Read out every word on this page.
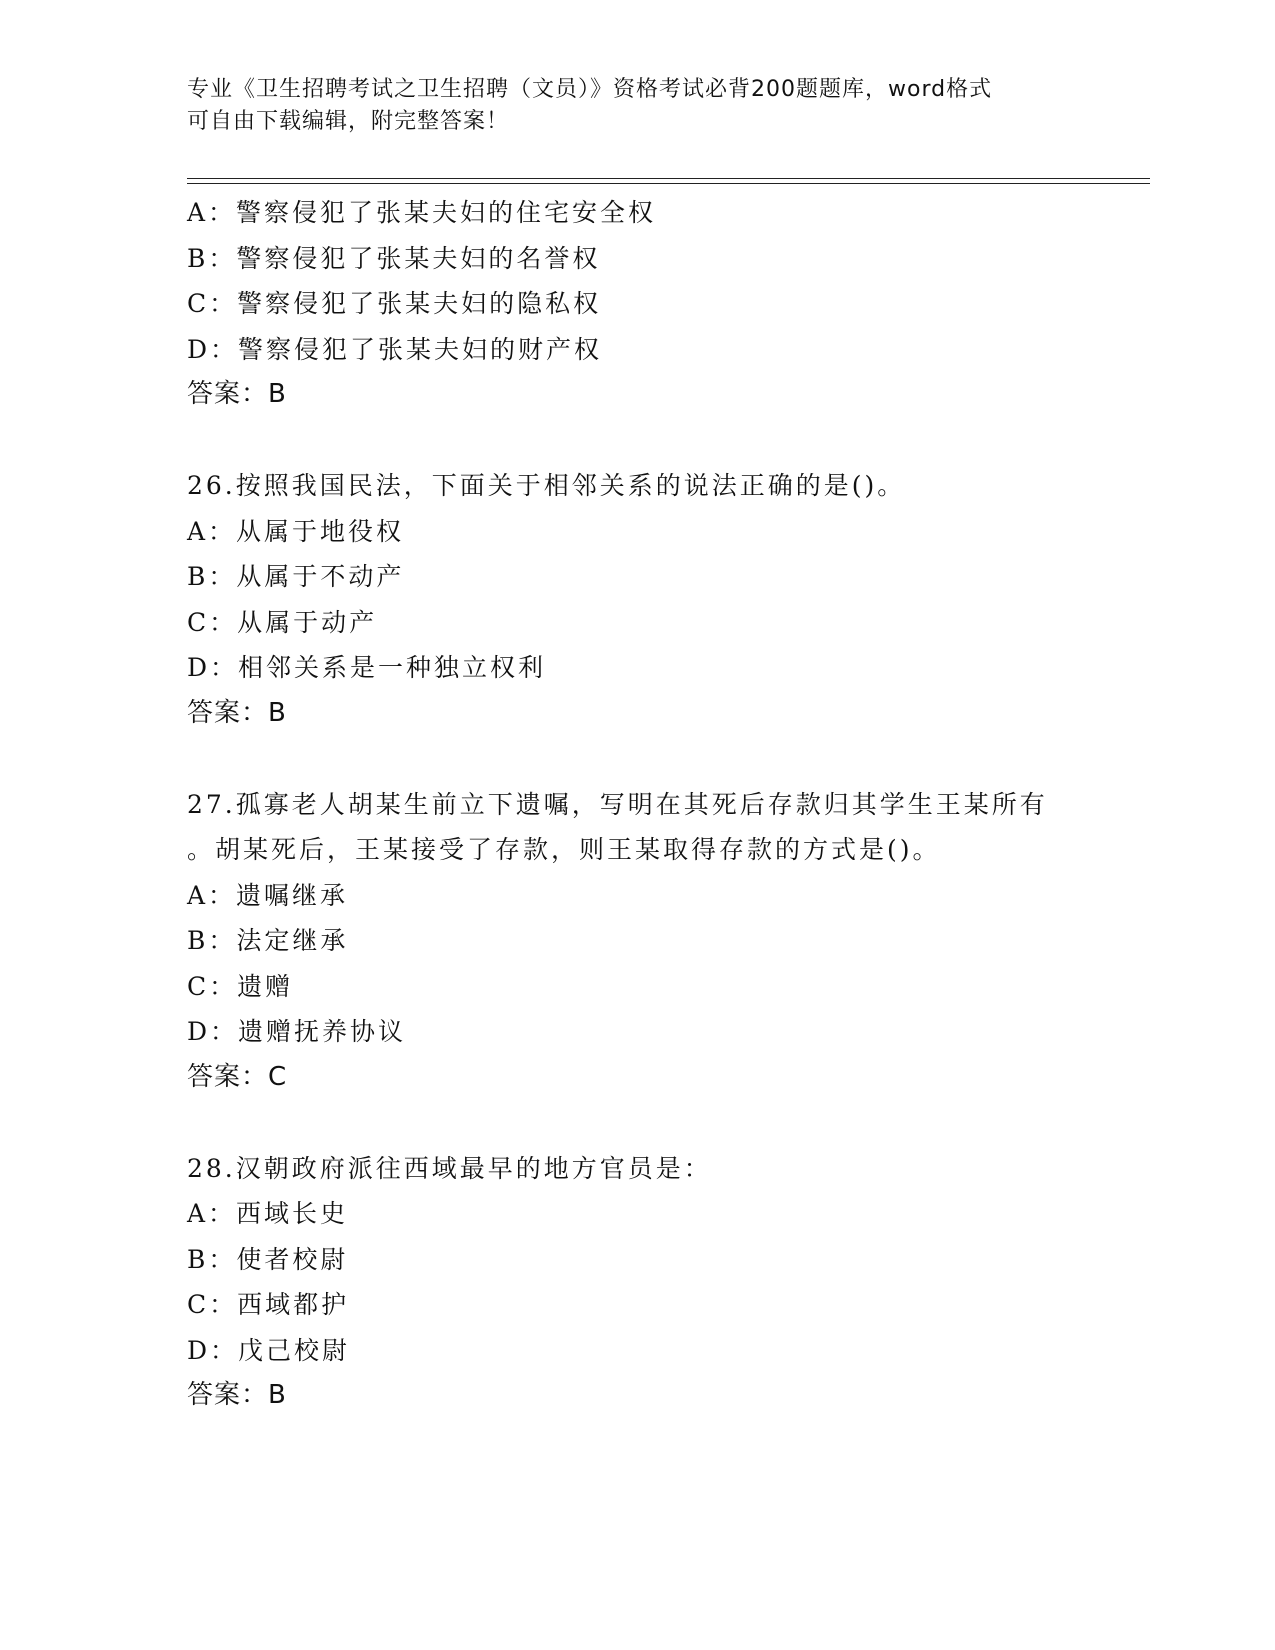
专业《卫生招聘考试之卫生招聘（文员）》资格考试必背200题题库，word格式
可自由下载编辑，附完整答案！
A：警察侵犯了张某夫妇的住宅安全权
B：警察侵犯了张某夫妇的名誉权
C：警察侵犯了张某夫妇的隐私权
D：警察侵犯了张某夫妇的财产权
答案：B
26.按照我国民法，下面关于相邻关系的说法正确的是()。
A：从属于地役权
B：从属于不动产
C：从属于动产
D：相邻关系是一种独立权利
答案：B
27.孤寡老人胡某生前立下遗嘱，写明在其死后存款归其学生王某所有
。胡某死后，王某接受了存款，则王某取得存款的方式是()。
A：遗嘱继承
B：法定继承
C：遗赠
D：遗赠抚养协议
答案：C
28.汉朝政府派往西域最早的地方官员是：
A：西域长史
B：使者校尉
C：西域都护
D：戊己校尉
答案：B
